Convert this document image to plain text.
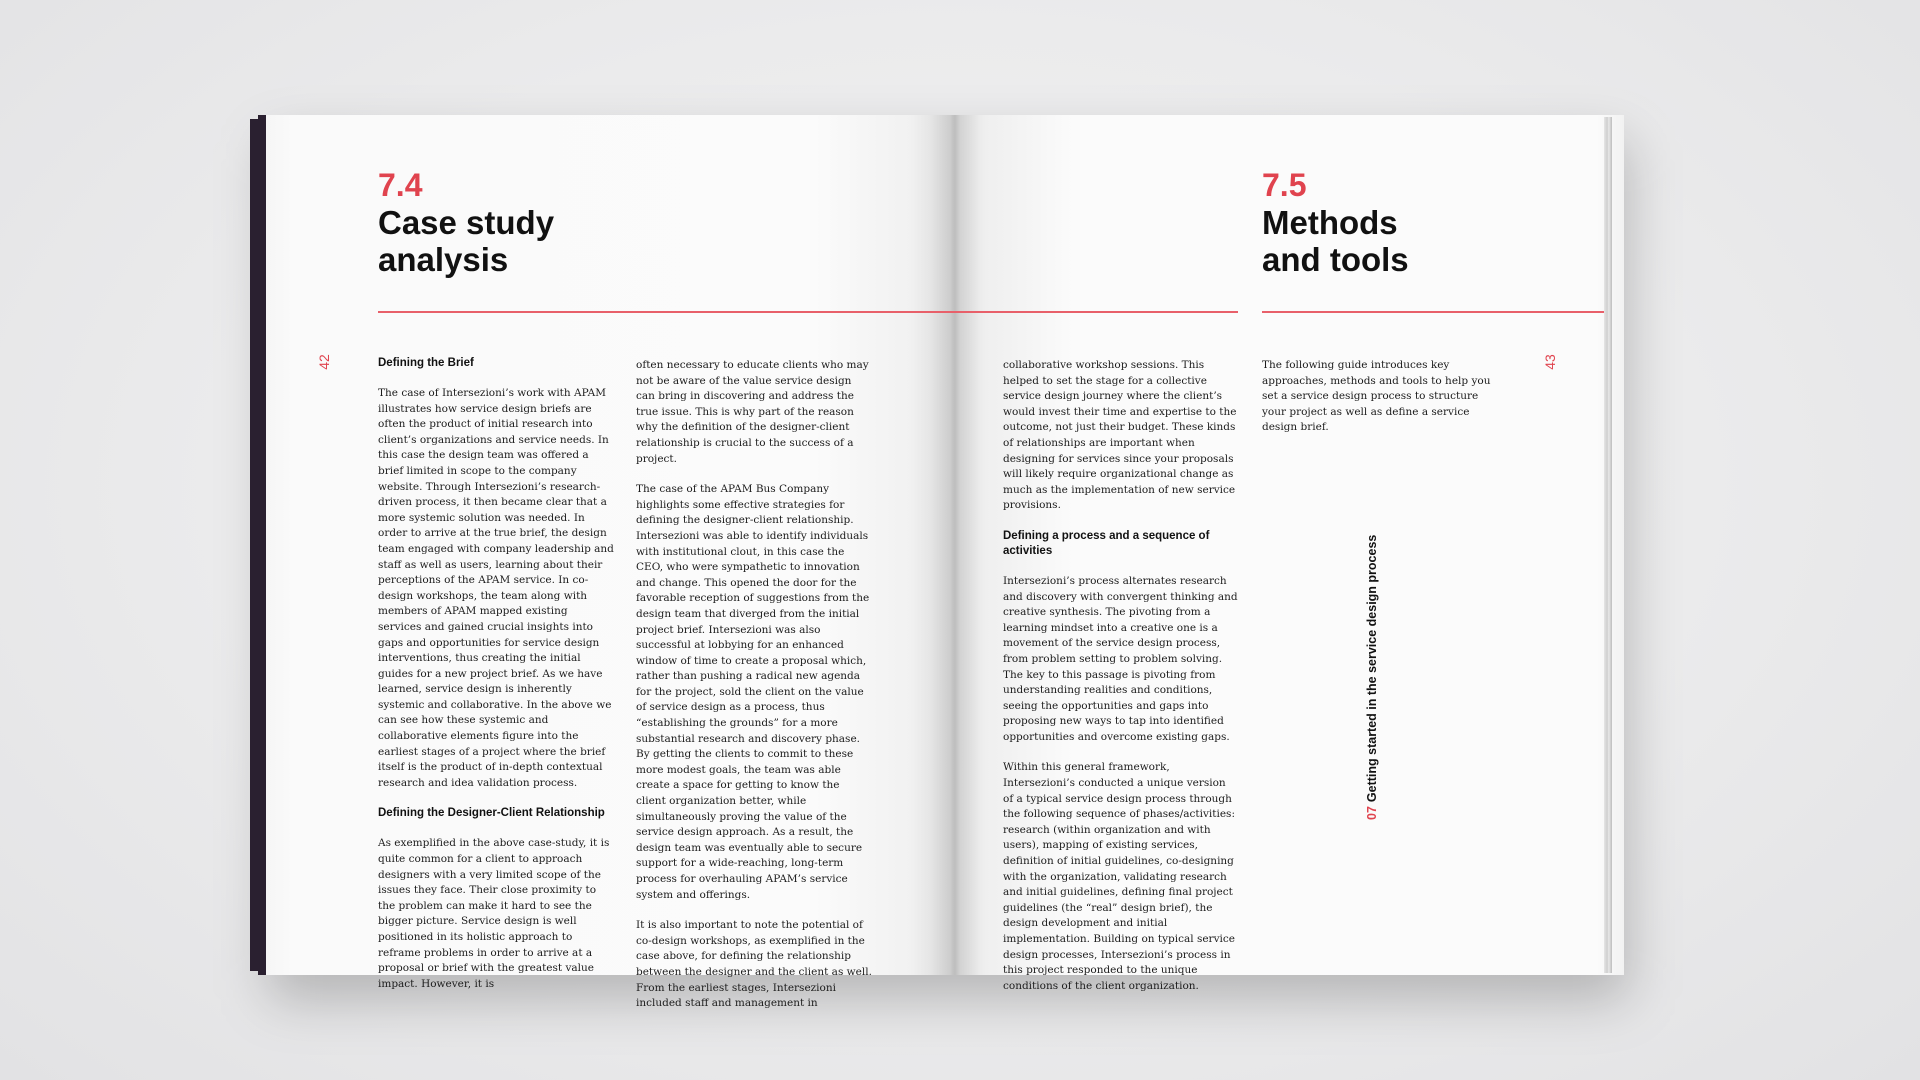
7.4
Case study
analysis
7.5
Methods
and tools
42	43
07Getting started in the service design process
Defining the Brief

The case of Intersezioni’s work with APAM illustrates how service design briefs are often the product of initial research into client’s organizations and service needs. In this case the design team was offered a brief limited in scope to the company website. Through Intersezioni’s research-driven process, it then became clear that a more systemic solution was needed. In order to arrive at the true brief, the design team engaged with company leadership and staff as well as users, learning about their perceptions of the APAM service. In co-design workshops, the team along with members of APAM mapped existing services and gained crucial insights into gaps and opportunities for service design interventions, thus creating the initial guides for a new project brief. As we have learned, service design is inherently systemic and collaborative. In the above we can see how these systemic and collaborative elements figure into the earliest stages of a project where the brief itself is the product of in-depth contextual research and idea validation process.

Defining the Designer-Client Relationship

As exemplified in the above case-study, it is quite common for a client to approach designers with a very limited scope of the issues they face. Their close proximity to the problem can make it hard to see the bigger picture. Service design is well positioned in its holistic approach to reframe problems in order to arrive at a proposal or brief with the greatest value impact. However, it is

often necessary to educate clients who may not be aware of the value service design can bring in discovering and address the true issue. This is why part of the reason why the definition of the designer-client relationship is crucial to the success of a project.

The case of the APAM Bus Company highlights some effective strategies for defining the designer-client relationship. Intersezioni was able to identify individuals with institutional clout, in this case the CEO, who were sympathetic to innovation and change. This opened the door for the favorable reception of suggestions from the design team that diverged from the initial project brief. Intersezioni was also successful at lobbying for an enhanced window of time to create a proposal which, rather than pushing a radical new agenda for the project, sold the client on the value of service design as a process, thus “establishing the grounds” for a more substantial research and discovery phase. By getting the clients to commit to these more modest goals, the team was able create a space for getting to know the client organization better, while simultaneously proving the value of the service design approach. As a result, the design team was eventually able to secure support for a wide-reaching, long-term process for overhauling APAM’s service system and offerings.

It is also important to note the potential of co-design workshops, as exemplified in the case above, for defining the relationship between the designer and the client as well. From the earliest stages, Intersezioni included staff and management in

collaborative workshop sessions. This helped to set the stage for a collective service design journey where the client’s would invest their time and expertise to the outcome, not just their budget. These kinds of relationships are important when designing for services since your proposals will likely require organizational change as much as the implementation of new service provisions.

Defining a process and a sequence of activities

Intersezioni’s process alternates research and discovery with convergent thinking and creative synthesis. The pivoting from a learning mindset into a creative one is a movement of the service design process, from problem setting to problem solving. The key to this passage is pivoting from understanding realities and conditions, seeing the opportunities and gaps into proposing new ways to tap into identified opportunities and overcome existing gaps.

Within this general framework, Intersezioni’s conducted a unique version of a typical service design process through the following sequence of phases/activities: research (within organization and with users), mapping of existing services, definition of initial guidelines, co-designing with the organization, validating research and initial guidelines, defining final project guidelines (the “real” design brief), the design development and initial implementation. Building on typical service design processes, Intersezioni’s process in this project responded to the unique conditions of the client organization.

The following guide introduces key approaches, methods and tools to help you set a service design process to structure your project as well as define a service design brief.
